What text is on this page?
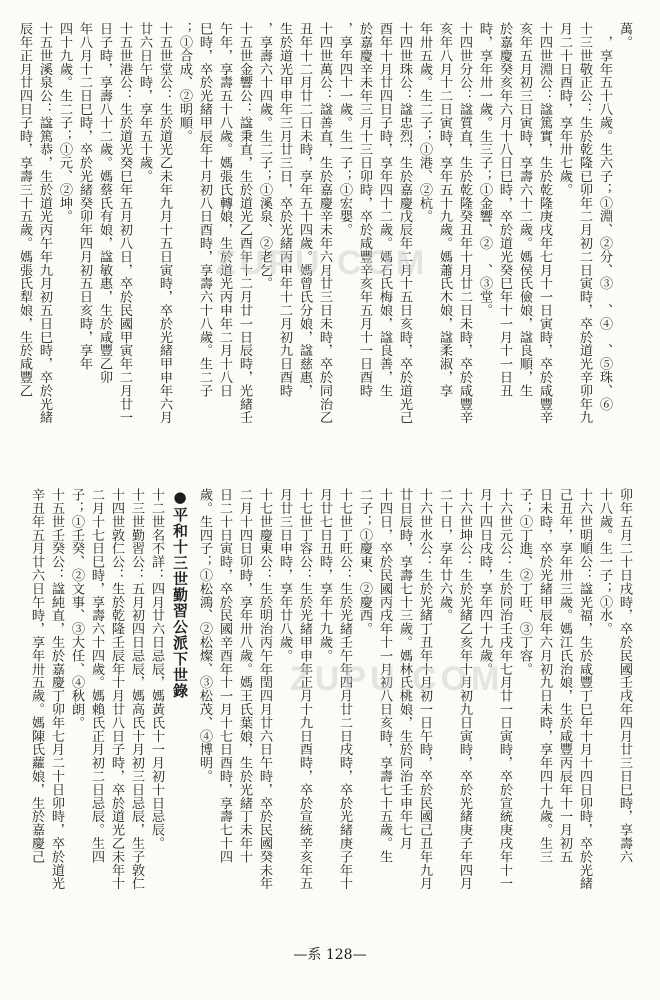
萬。
　，享年五十八歲。生六子；①淵、②分、③　、④　、⑤珠、⑥
十三世敬正公：生於乾隆已卯年二月初二日寅時，卒於道光辛卯年九
月二十日酉時，享年卅七歲。
十四世淵公：諡篤實，生於乾隆庚戌年七月十一日寅時，卒於咸豐辛
亥年五月初三日寅時，享壽六十二歲。媽侯氏儉娘，諡良順，生
於嘉慶癸亥年六月十八日巳時，卒於道光癸巳年十一月十一日丑
時，享年卅一歲。生三子；①金響、②　、③堂。
十四世分公：諡質直，生於乾隆癸丑年十月廿二日未時，卒於咸豐辛
亥年八月十二日寅時，享年五十九歲。媽蕭氏木娘，諡柔淑，享
年卅五歲。生二子；①港、②杭。
十四世珠公：諡忠烈，生於嘉慶戊辰年二月十五日亥時，卒於道光己
酉年十月廿四日子時，享年四十二歲。媽石氏梅娘，諡良善，生
於嘉慶辛未年三月十三日卯時，卒於咸豐辛亥年五月十一日酉時
，享年四十一歲。生一子；①宏嬰。
十四世萬公：諡善直，生於嘉慶辛未年六月廿三日未時，卒於同治乙
丑年十二月廿二日未時，享年五十四歲。媽曾氏分娘，諡慈惠，
生於道光甲申年三月廿三日，卒於光緒丙申年十二月初九日酉時
，享壽六十四歲。生二子；①溪泉、②老乞。
十五世金響公：諡秉直，生於道光乙酉年十二月廿一日辰時，光緒壬
午年，享壽五十八歲。媽張氏轉娘，生於道光丙申年二月十八日
巳時，卒於光緒甲辰年十月初八日酉時，享壽六十八歲。生二子
；①合成、②明順。
十五世堂公：生於道光乙未年九月十五日寅時，卒於光緒甲申年六月
廿六日午時，享年五十歲。
十五世港公：生於道光癸巳年五月初八日，卒於民國甲寅年二月廿一
日子時，享壽八十二歲。媽蔡氏有娘，諡敏惠，生於咸豐乙卯
年八月十二日巳時，卒於光緒癸卯年四月初五日亥時，享年
四十九歲。生二子；①元、②坤。
十五世溪泉公：諡篤恭，生於道光丙午年九月初五日巳時，卒於光緒
辰年正月廿四日子時，享壽三十五歲。媽張氏犁娘，生於咸豐乙
卯年五月二十日戌時，卒於民國壬戌年四月廿三日巳時，享壽六
十八歲。生一子；①水。
十六世明順公：諡光福，生於咸豐丁巳年十月十四日卯時，卒於光緒
己丑年，享年卅三歲。媽江氏治娘，生於咸豐丙辰年十一月初五
日未時，卒於光緒甲辰年六月初九日未時，享年四十九歲。生三
子；①丁進、②丁旺、③丁容。
十六世元公：生於同治壬戌年七月廿一日寅時，卒於宣統庚戌年十一
月十四日戌時，享年四十九歲。
十六世坤公：生於光緒乙亥年十月初九日寅時，卒於光緒庚子年四月
二十日，享年廿六歲。
十六世水公：生於光緒丁丑年十月初一日午時，卒於民國己丑年九月
廿日辰時，享壽七十三歲。媽林氏桃娘，生於同治壬申年七月
十四日，卒於民國丙戌年十一月初八日亥時，享壽七十五歲。生
二子；①慶東、②慶西。
十七世丁旺公：生於光緒壬午年四月廿二日戌時，卒於光緒庚子年十
月廿七日丑時，享年十九歲。
十七世丁容公：生於光緒甲申年正月十九日酉時，卒於宣統辛亥年五
月廿三日申時，享年廿八歲。
十七世慶東公：生於明治丙午年閏四月廿六日午時，卒於民國癸未年
二月十四日卯時，享年卅八歲。媽王氏葉娘，生於光緒丁未年十
日二十日寅時，卒於民國辛酉年十一月十七日酉時，享壽七十四
歲。生四子；①松鴻、②松燦、③松茂、④博明。
●平和十三世勤習公派下世錄
十二世名不詳：四月廿六日忌辰，媽黃氏十一月初十日忌辰。
十三世勤習公：五月初四日忌辰，媽高氏十月初三日忌辰，生子敦仁
十四世敦仁公：生於乾隆壬辰年十月廿八日子時，卒於道光乙未年十
二月十七日巳時，享壽六十四歲。媽賴氏正月初二日忌辰。生四
子；①壬癸、②文事、③大任、④秋朗。
十五世壬癸公：諡純直，生於嘉慶丁卯年七月二十日卯時，卒於道光
辛丑年五月廿六日午時，享年卅五歲。媽陳氏蘿娘，生於嘉慶己
ZUPU.COM
ZUPU.COM
—系 128—
